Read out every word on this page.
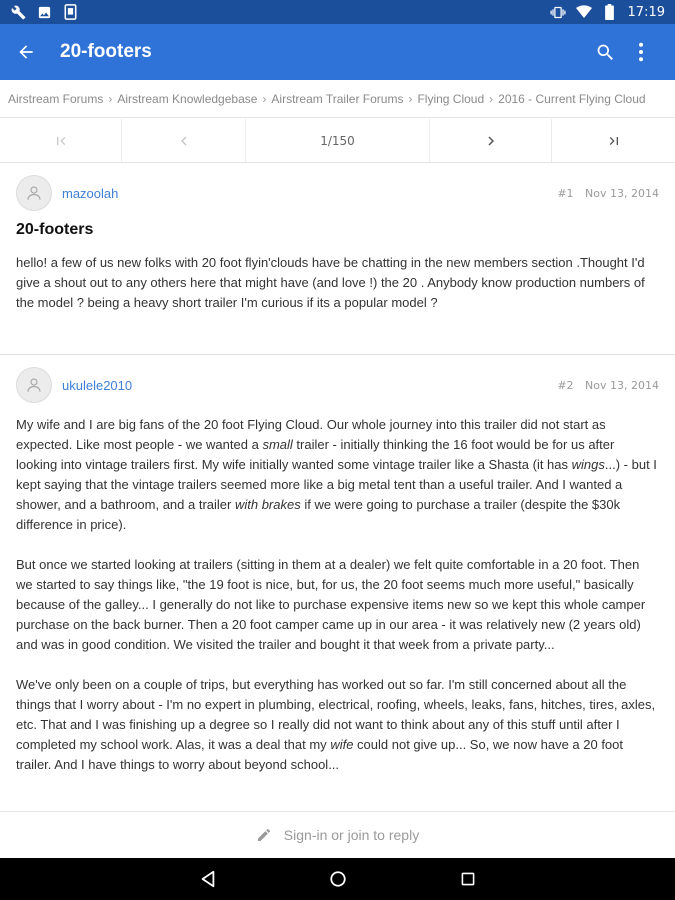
17:19
20-footers
Airstream Forums › Airstream Knowledgebase › Airstream Trailer Forums › Flying Cloud › 2016 - Current Flying Cloud
1/150
mazoolah	#1 Nov 13, 2014
20-footers

hello! a few of us new folks with 20 foot flyin'clouds have be chatting in the new members section .Thought I'd give a shout out to any others here that might have (and love !) the 20 . Anybody know production numbers of the model ? being a heavy short trailer I'm curious if its a popular model ?

ukulele2010	#2 Nov 13, 2014

My wife and I are big fans of the 20 foot Flying Cloud. Our whole journey into this trailer did not start as expected. Like most people - we wanted a small trailer - initially thinking the 16 foot would be for us after looking into vintage trailers first. My wife initially wanted some vintage trailer like a Shasta (it has wings...) - but I kept saying that the vintage trailers seemed more like a big metal tent than a useful trailer. And I wanted a shower, and a bathroom, and a trailer with brakes if we were going to purchase a trailer (despite the $30k difference in price).

But once we started looking at trailers (sitting in them at a dealer) we felt quite comfortable in a 20 foot. Then we started to say things like, "the 19 foot is nice, but, for us, the 20 foot seems much more useful," basically because of the galley... I generally do not like to purchase expensive items new so we kept this whole camper purchase on the back burner. Then a 20 foot camper came up in our area - it was relatively new (2 years old) and was in good condition. We visited the trailer and bought it that week from a private party...

We've only been on a couple of trips, but everything has worked out so far. I'm still concerned about all the things that I worry about - I'm no expert in plumbing, electrical, roofing, wheels, leaks, fans, hitches, tires, axles, etc. That and I was finishing up a degree so I really did not want to think about any of this stuff until after I completed my school work. Alas, it was a deal that my wife could not give up... So, we now have a 20 foot trailer. And I have things to worry about beyond school...

Sign-in or join to reply
